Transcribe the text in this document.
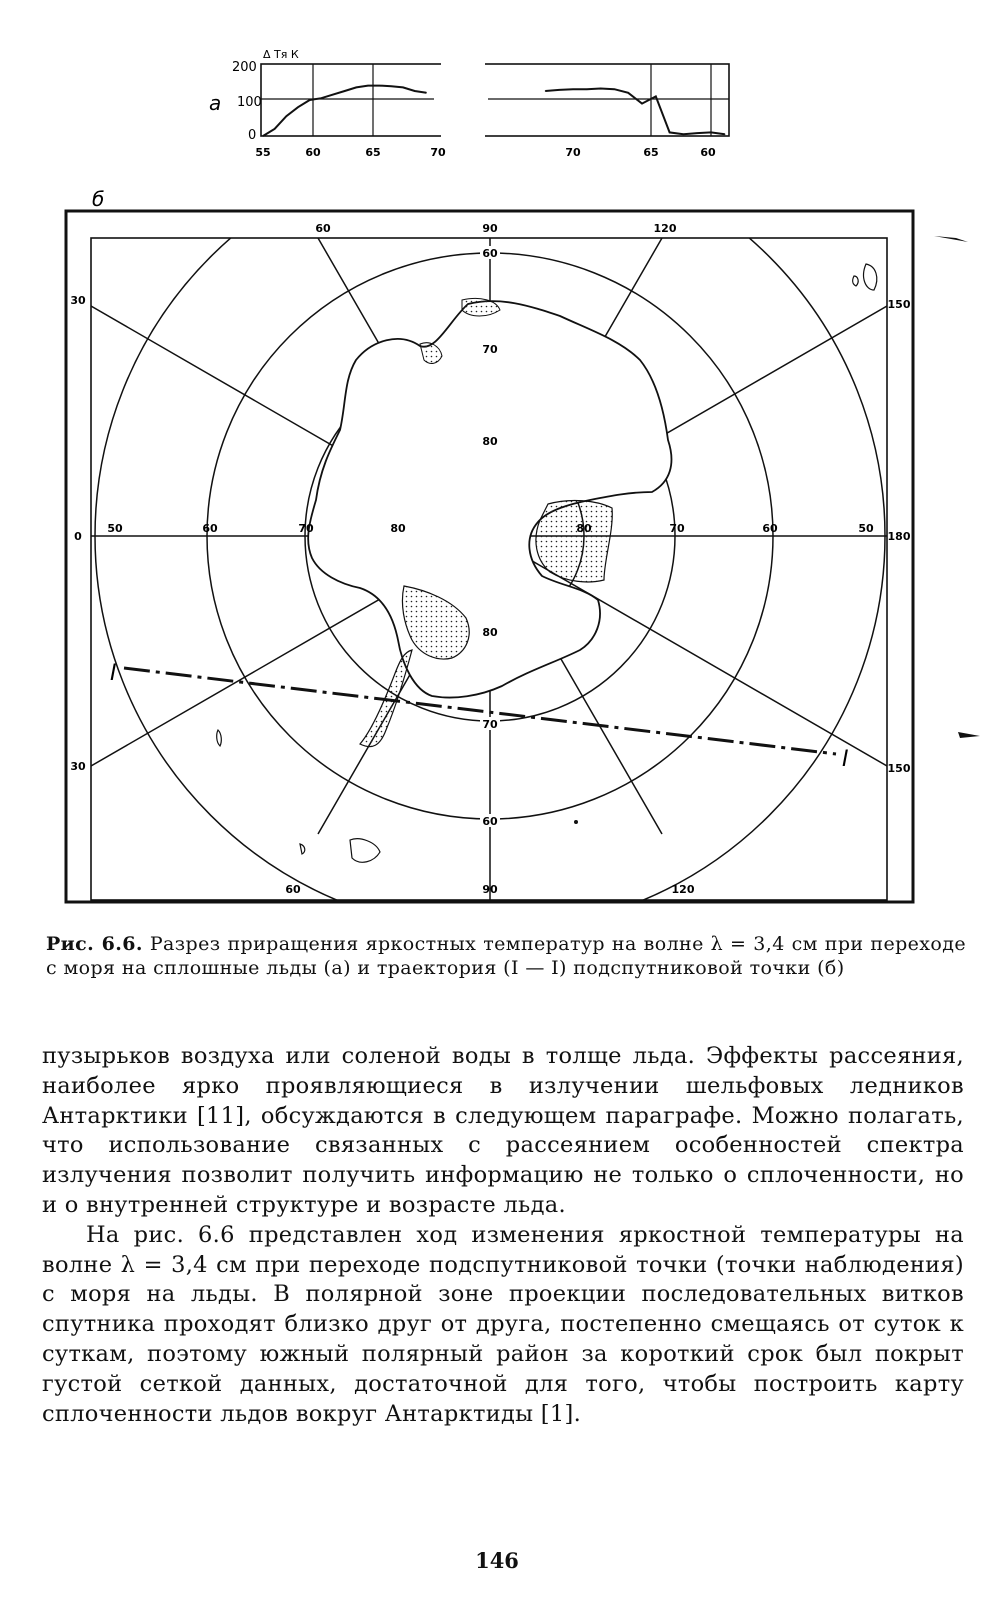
а
Δ Tя К
200
100
0
55	60	65	70	70	65	60
б
I
I
60	90	120
60	90	120
30
0
30
150
180
150
60
70
80
80
70
60
50	60	70	80	80	70	60	50
Рис. 6.6. Разрез приращения яркостных температур на волне λ = 3,4 см при переходе с моря на сплошные льды (а) и траектория (I — I) подспутниковой точки (б)

пузырьков воздуха или соленой воды в толще льда. Эффекты рассеяния, наиболее ярко проявляющиеся в излучении шельфовых ледников Антарктики [11], обсуждаются в следующем параграфе. Можно полагать, что использование связанных с рассеянием особенностей спектра излучения позволит получить информацию не только о сплоченности, но и о внутренней структуре и возрасте льда.

На рис. 6.6 представлен ход изменения яркостной температуры на волне λ = 3,4 см при переходе подспутниковой точки (точки наблюдения) с моря на льды. В полярной зоне проекции последовательных витков спутника проходят близко друг от друга, постепенно смещаясь от суток к суткам, поэтому южный полярный район за короткий срок был покрыт густой сеткой данных, достаточной для того, чтобы построить карту сплоченности льдов вокруг Антарктиды [1].

146
